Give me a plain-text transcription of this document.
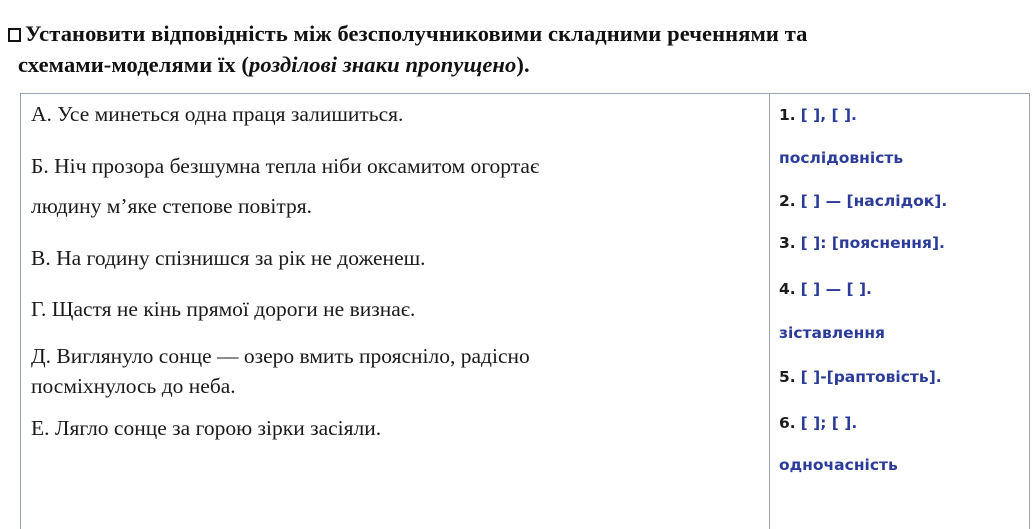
Установити відповідність між безсполучниковими складними реченнями та
схемами-моделями їх (розділові знаки пропущено).
А. Усе минеться одна праця залишиться.
Б. Ніч прозора безшумна тепла ніби оксамитом огортає
людину м’яке степове повітря.
В. На годину спізнишся за рік не доженеш.
Г. Щастя не кінь прямої дороги не визнає.
Д. Виглянуло сонце — озеро вмить проясніло, радісно
посміхнулось до неба.
Е. Лягло сонце за горою зірки засіяли.
1. [ ], [ ].
послідовність
2. [ ] — [наслідок].
3. [ ]: [пояснення].
4. [ ] — [ ].
зіставлення
5. [ ]-[раптовість].
6. [ ]; [ ].
одночасність
